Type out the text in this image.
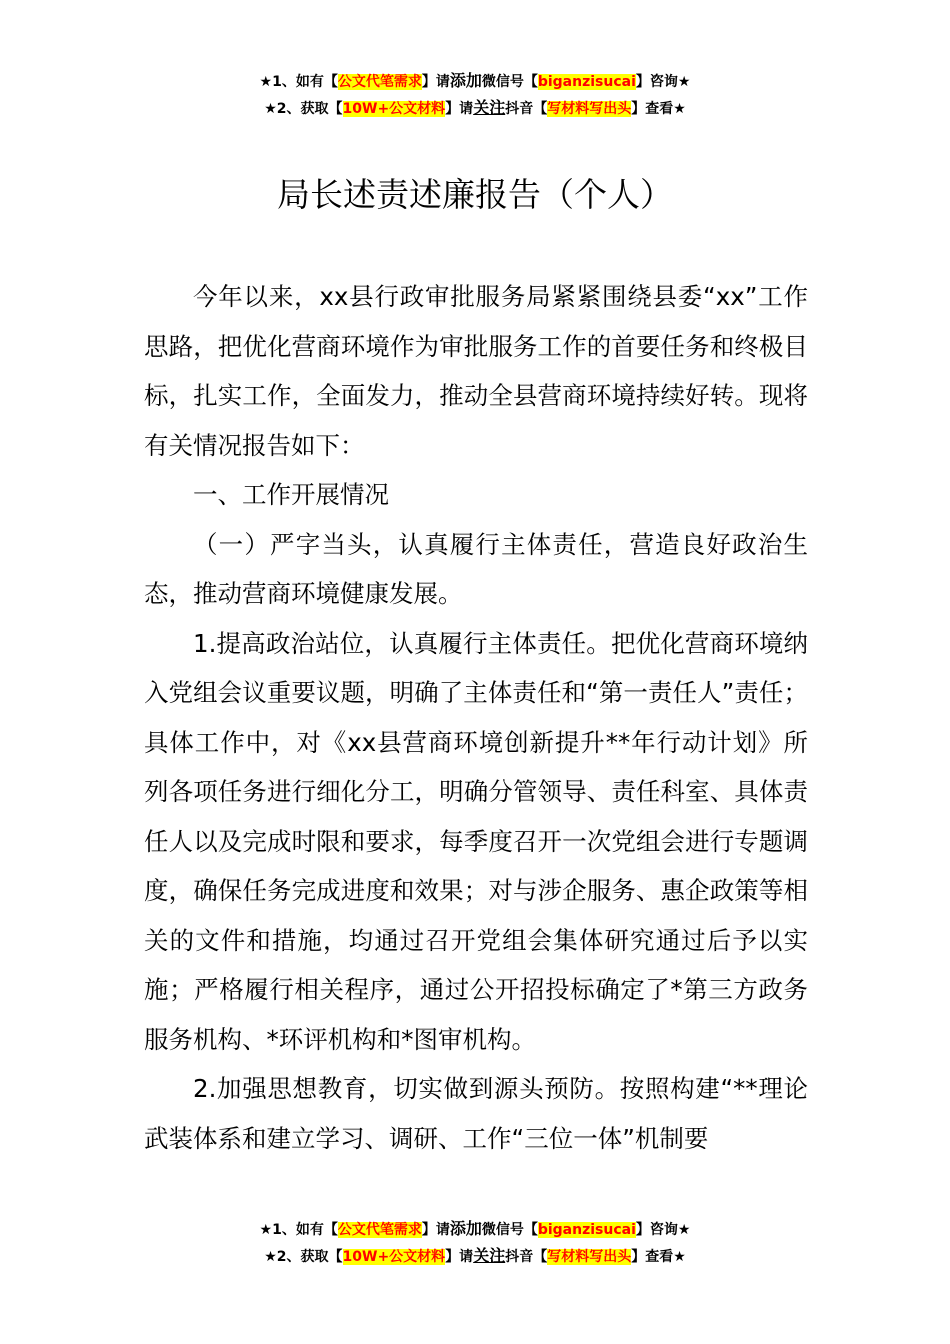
★1、如有【公文代笔需求】请添加微信号【biganzisucai】咨询★
★2、获取【10W+公文材料】请关注抖音【写材料写出头】查看★
局长述责述廉报告（个人）

今年以来，xx县行政审批服务局紧紧围绕县委“xx”工作思路，把优化营商环境作为审批服务工作的首要任务和终极目标，扎实工作，全面发力，推动全县营商环境持续好转。现将有关情况报告如下：

一、工作开展情况

（一）严字当头，认真履行主体责任，营造良好政治生态，推动营商环境健康发展。

1.提高政治站位，认真履行主体责任。把优化营商环境纳入党组会议重要议题，明确了主体责任和“第一责任人”责任；具体工作中，对《xx县营商环境创新提升**年行动计划》所列各项任务进行细化分工，明确分管领导、责任科室、具体责任人以及完成时限和要求，每季度召开一次党组会进行专题调度，确保任务完成进度和效果；对与涉企服务、惠企政策等相关的文件和措施，均通过召开党组会集体研究通过后予以实施；严格履行相关程序，通过公开招投标确定了*第三方政务服务机构、*环评机构和*图审机构。

2.加强思想教育，切实做到源头预防。按照构建“**理论武装体系和建立学习、调研、工作“三位一体”机制要

★1、如有【公文代笔需求】请添加微信号【biganzisucai】咨询★
★2、获取【10W+公文材料】请关注抖音【写材料写出头】查看★
